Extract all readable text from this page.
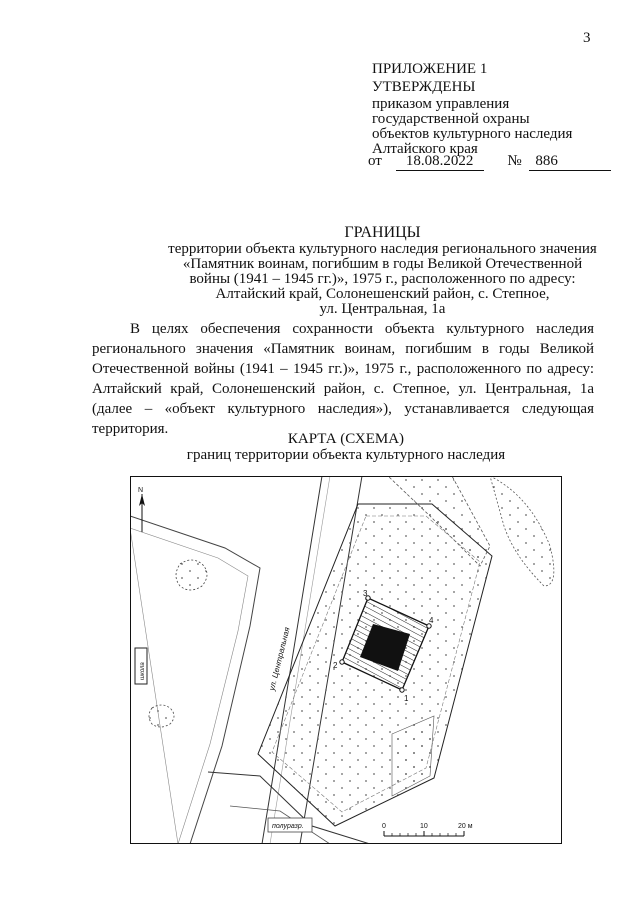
3
ПРИЛОЖЕНИЕ 1
УТВЕРЖДЕНЫ
приказом управления
государственной охраны
объектов культурного наследия
Алтайского края
от 18.08.2022 № 886
ГРАНИЦЫ
территории объекта культурного наследия регионального значения
«Памятник воинам, погибшим в годы Великой Отечественной
войны (1941 – 1945 гг.)», 1975 г., расположенного по адресу:
Алтайский край, Солонешенский район, с. Степное,
ул. Центральная, 1а
В целях обеспечения сохранности объекта культурного наследия регионального значения «Памятник воинам, погибшим в годы Великой Отечественной войны (1941 – 1945 гг.)», 1975 г., расположенного по адресу: Алтайский край, Солонешенский район, с. Степное, ул. Центральная, 1а (далее – «объект культурного наследия»), устанавливается следующая территория.
КАРТА (СХЕМА)
границ территории объекта культурного наследия
N
ул. Центральная
школа
полуразр.
1
2
3
4
0	10	20 м
